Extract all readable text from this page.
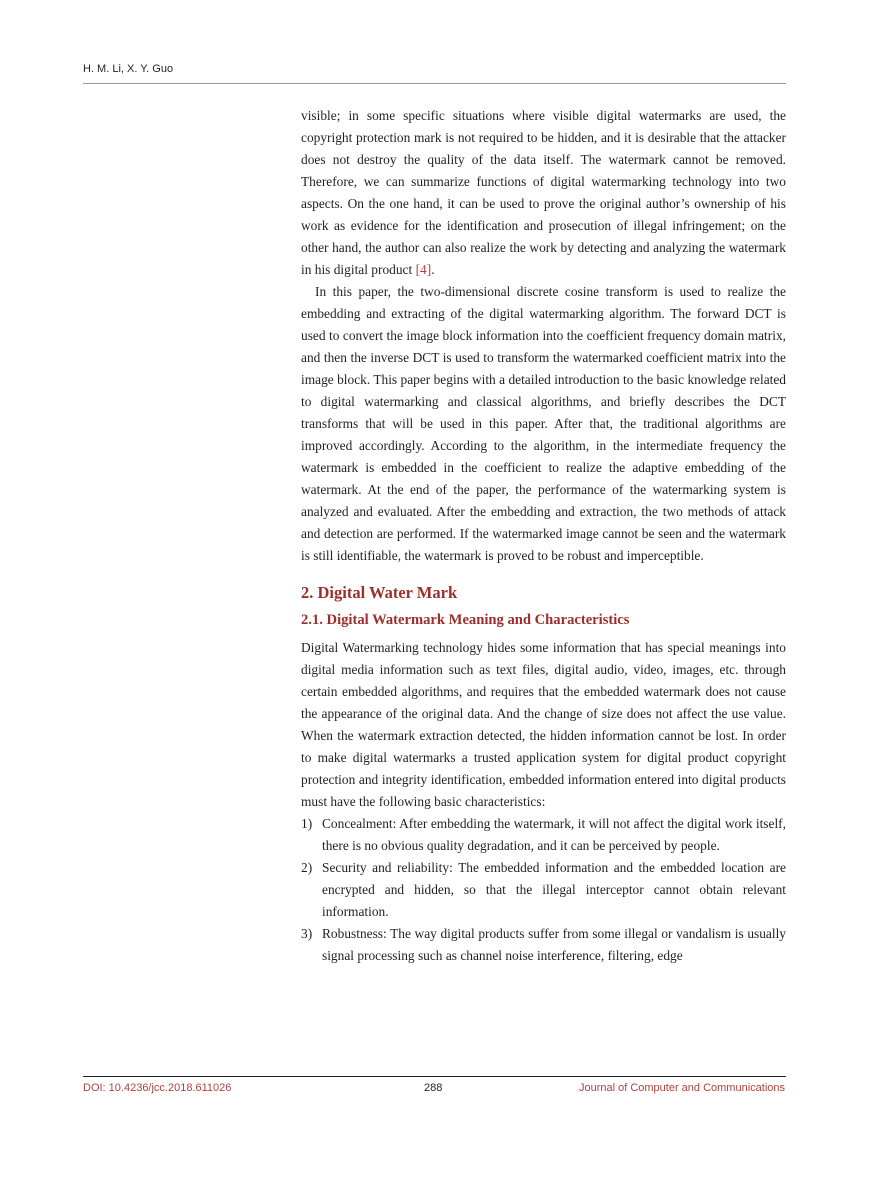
H. M. Li, X. Y. Guo

visible; in some specific situations where visible digital watermarks are used, the copyright protection mark is not required to be hidden, and it is desirable that the attacker does not destroy the quality of the data itself. The watermark cannot be removed. Therefore, we can summarize functions of digital watermarking technology into two aspects. On the one hand, it can be used to prove the original author’s ownership of his work as evidence for the identification and prosecution of illegal infringement; on the other hand, the author can also realize the work by detecting and analyzing the watermark in his digital product [4].

In this paper, the two-dimensional discrete cosine transform is used to realize the embedding and extracting of the digital watermarking algorithm. The forward DCT is used to convert the image block information into the coefficient frequency domain matrix, and then the inverse DCT is used to transform the watermarked coefficient matrix into the image block. This paper begins with a detailed introduction to the basic knowledge related to digital watermarking and classical algorithms, and briefly describes the DCT transforms that will be used in this paper. After that, the traditional algorithms are improved accordingly. According to the algorithm, in the intermediate frequency the watermark is embedded in the coefficient to realize the adaptive embedding of the watermark. At the end of the paper, the performance of the watermarking system is analyzed and evaluated. After the embedding and extraction, the two methods of attack and detection are performed. If the watermarked image cannot be seen and the watermark is still identifiable, the watermark is proved to be robust and imperceptible.

2. Digital Water Mark
2.1. Digital Watermark Meaning and Characteristics

Digital Watermarking technology hides some information that has special meanings into digital media information such as text files, digital audio, video, images, etc. through certain embedded algorithms, and requires that the embedded watermark does not cause the appearance of the original data. And the change of size does not affect the use value. When the watermark extraction detected, the hidden information cannot be lost. In order to make digital watermarks a trusted application system for digital product copyright protection and integrity identification, embedded information entered into digital products must have the following basic characteristics:

1) Concealment: After embedding the watermark, it will not affect the digital work itself, there is no obvious quality degradation, and it can be perceived by people.
2) Security and reliability: The embedded information and the embedded location are encrypted and hidden, so that the illegal interceptor cannot obtain relevant information.
3) Robustness: The way digital products suffer from some illegal or vandalism is usually signal processing such as channel noise interference, filtering, edge
DOI: 10.4236/jcc.2018.611026	288	Journal of Computer and Communications
